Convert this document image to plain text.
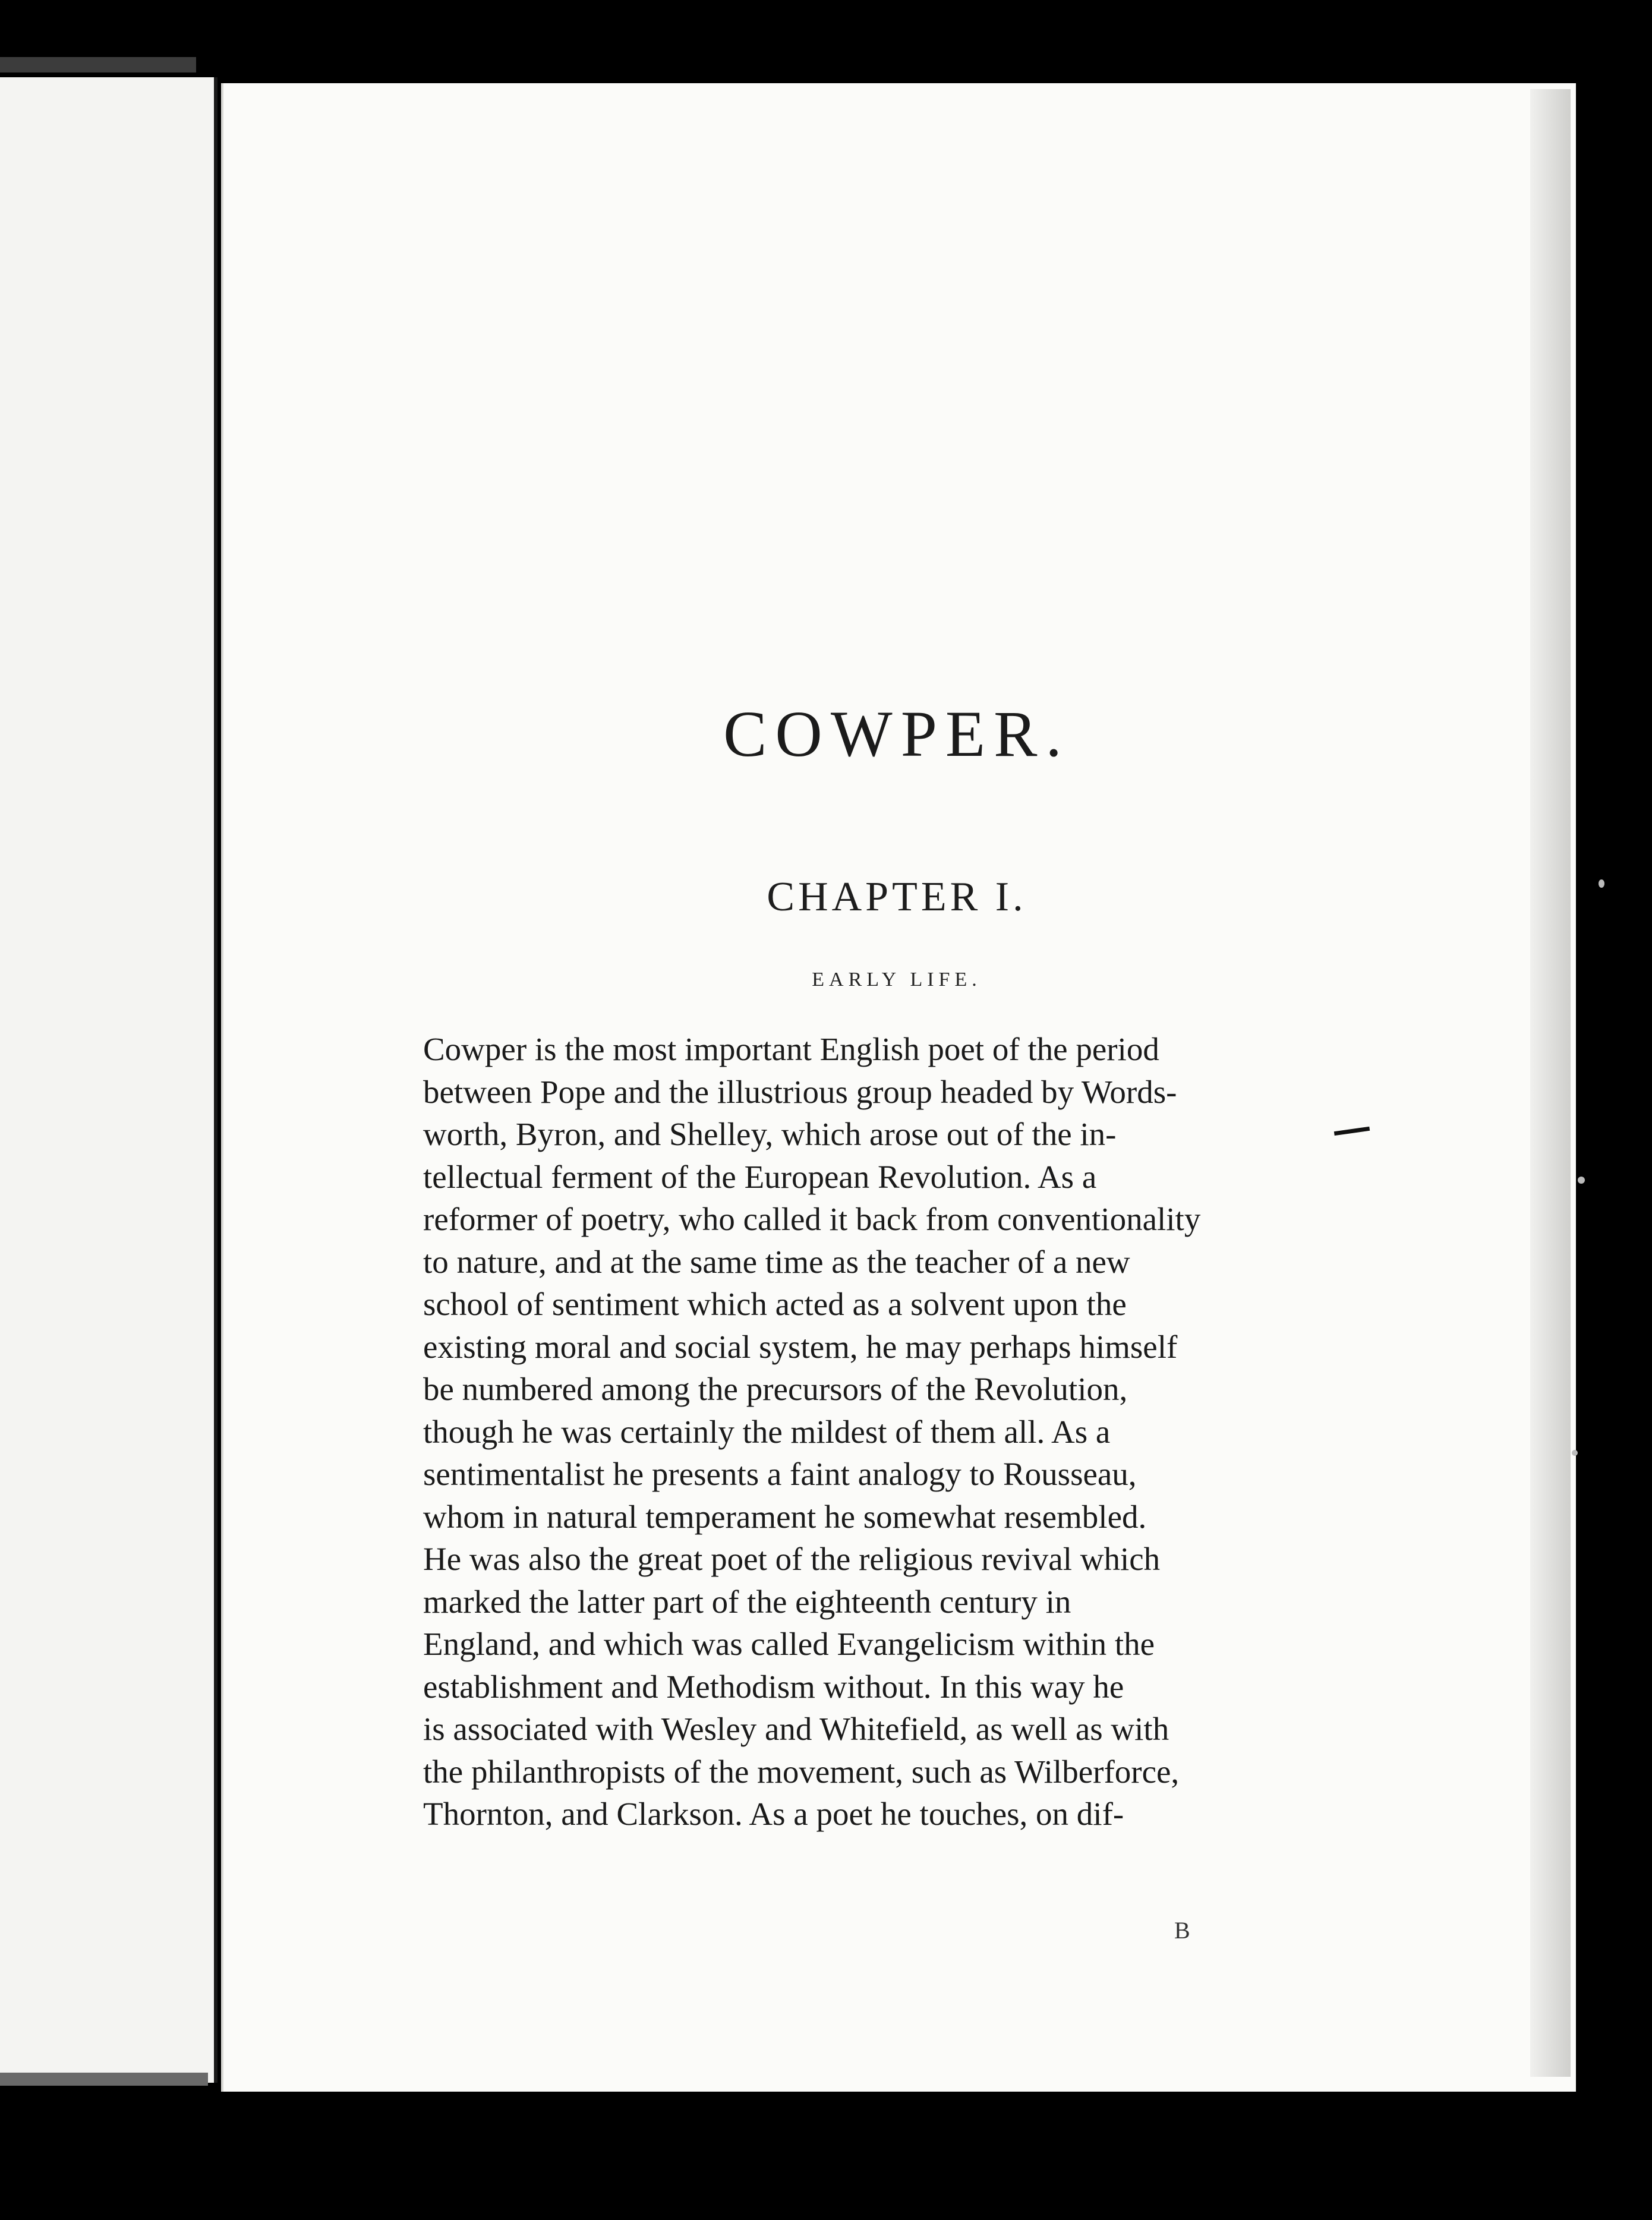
COWPER.
CHAPTER I.
EARLY LIFE.

Cowper is the most important English poet of the period
between Pope and the illustrious group headed by Words-
worth, Byron, and Shelley, which arose out of the in-
tellectual ferment of the European Revolution. As a
reformer of poetry, who called it back from conventionality
to nature, and at the same time as the teacher of a new
school of sentiment which acted as a solvent upon the
existing moral and social system, he may perhaps himself
be numbered among the precursors of the Revolution,
though he was certainly the mildest of them all. As a
sentimentalist he presents a faint analogy to Rousseau,
whom in natural temperament he somewhat resembled.
He was also the great poet of the religious revival which
marked the latter part of the eighteenth century in
England, and which was called Evangelicism within the
establishment and Methodism without. In this way he
is associated with Wesley and Whitefield, as well as with
the philanthropists of the movement, such as Wilberforce,
Thornton, and Clarkson. As a poet he touches, on dif-

B
